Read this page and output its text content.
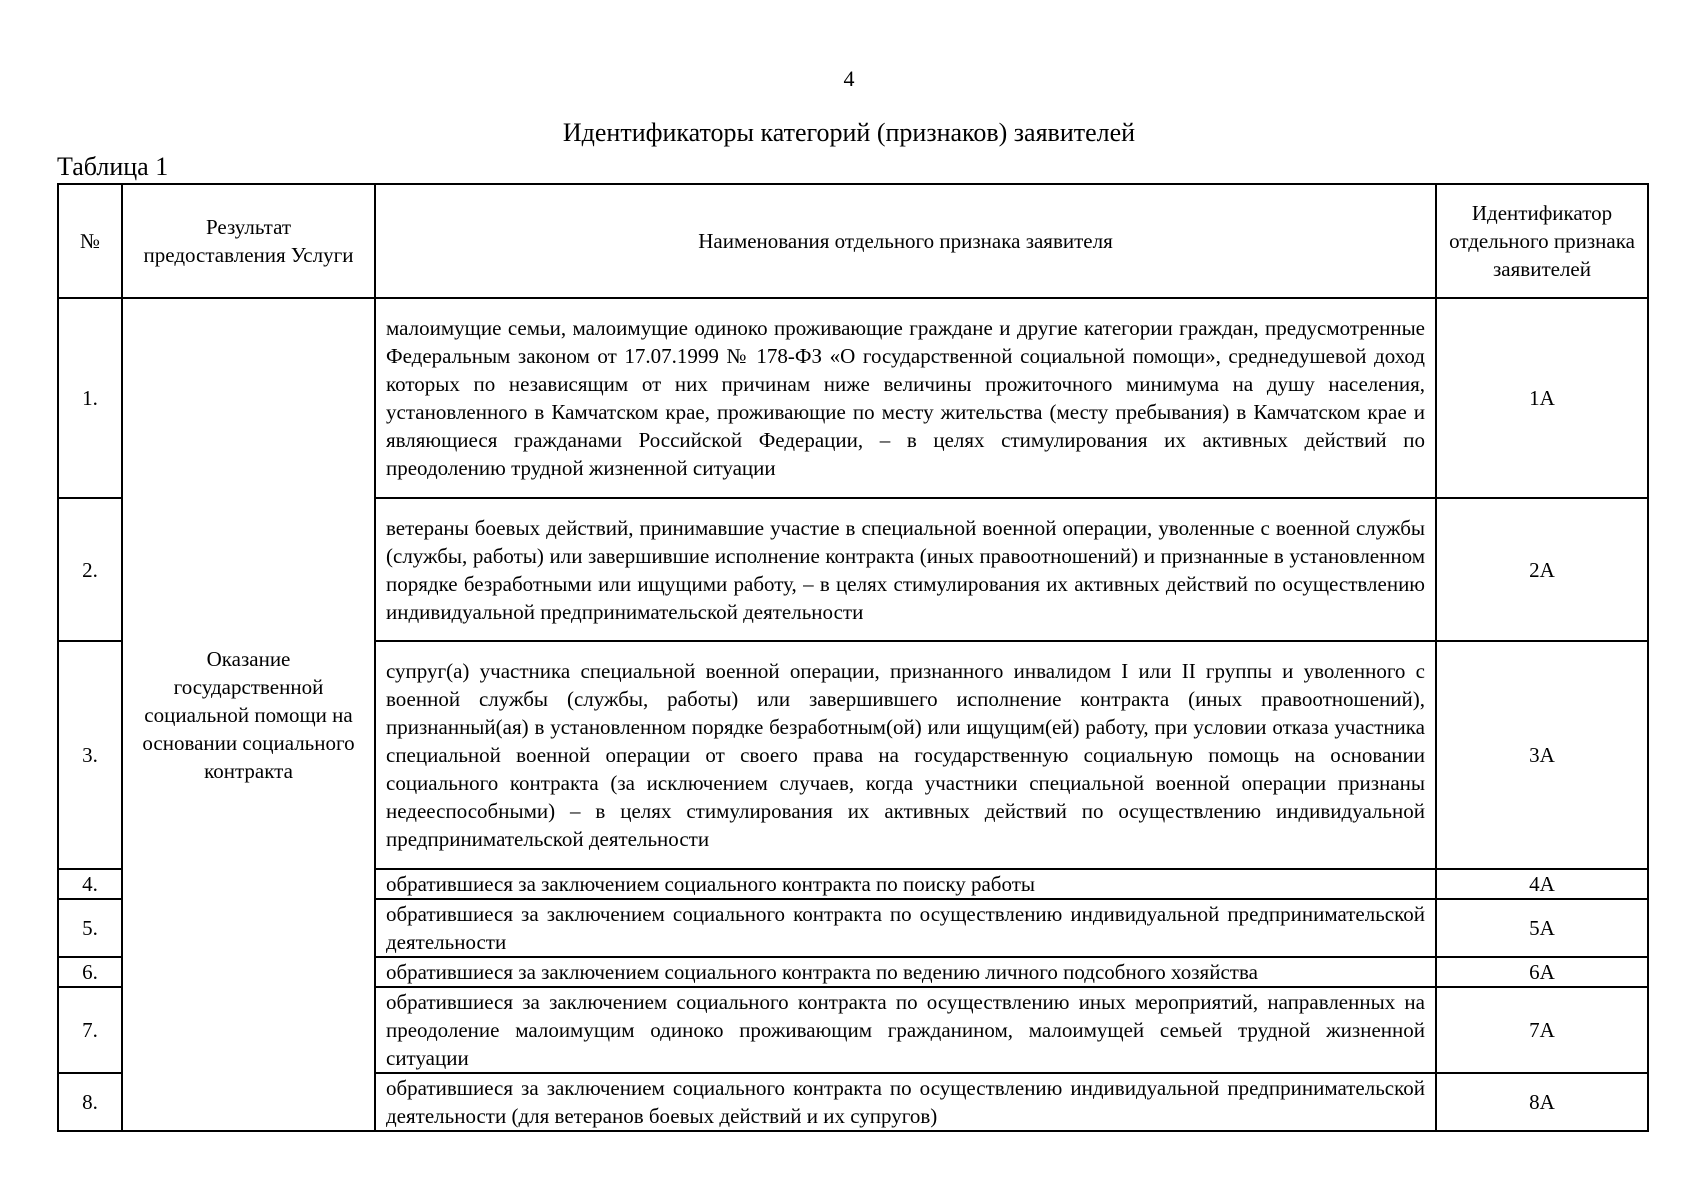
4
Идентификаторы категорий (признаков) заявителей
Таблица 1
№	Результат предоставления Услуги	Наименования отдельного признака заявителя	Идентификатор отдельного признака заявителей
1.	Оказание государственной социальной помощи на основании социального контракта	малоимущие семьи, малоимущие одиноко проживающие граждане и другие категории граждан, предусмотренные Федеральным законом от 17.07.1999 № 178-ФЗ «О государственной социальной помощи», среднедушевой доход которых по независящим от них причинам ниже величины прожиточного минимума на душу населения, установленного в Камчатском крае, проживающие по месту жительства (месту пребывания) в Камчатском крае и являющиеся гражданами Российской Федерации, – в целях стимулирования их активных действий по преодолению трудной жизненной ситуации	1А
2.		ветераны боевых действий, принимавшие участие в специальной военной операции, уволенные с военной службы (службы, работы) или завершившие исполнение контракта (иных правоотношений) и признанные в установленном порядке безработными или ищущими работу, – в целях стимулирования их активных действий по осуществлению индивидуальной предпринимательской деятельности	2А
3.		супруг(а) участника специальной военной операции, признанного инвалидом I или II группы и уволенного с военной службы (службы, работы) или завершившего исполнение контракта (иных правоотношений), признанный(ая) в установленном порядке безработным(ой) или ищущим(ей) работу, при условии отказа участника специальной военной операции от своего права на государственную социальную помощь на основании социального контракта (за исключением случаев, когда участники специальной военной операции признаны недееспособными) – в целях стимулирования их активных действий по осуществлению индивидуальной предпринимательской деятельности	3А
4.		обратившиеся за заключением социального контракта по поиску работы	4А
5.		обратившиеся за заключением социального контракта по осуществлению индивидуальной предпринимательской деятельности	5А
6.		обратившиеся за заключением социального контракта по ведению личного подсобного хозяйства	6А
7.		обратившиеся за заключением социального контракта по осуществлению иных мероприятий, направленных на преодоление малоимущим одиноко проживающим гражданином, малоимущей семьей трудной жизненной ситуации	7А
8.		обратившиеся за заключением социального контракта по осуществлению индивидуальной предпринимательской деятельности (для ветеранов боевых действий и их супругов)	8А
